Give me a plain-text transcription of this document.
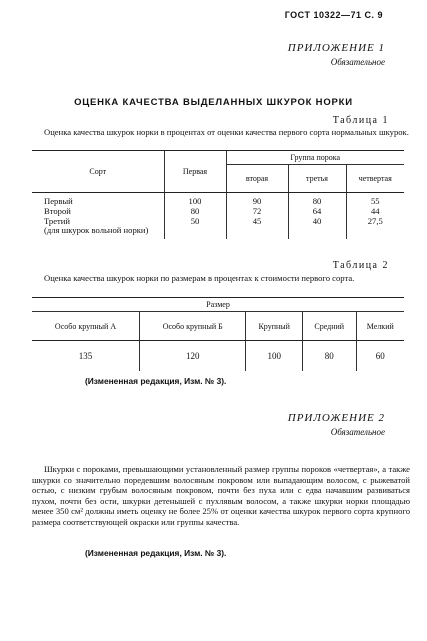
ГОСТ 10322—71 С. 9
ПРИЛОЖЕНИЕ 1
Обязательное
ОЦЕНКА КАЧЕСТВА ВЫДЕЛАННЫХ ШКУРОК НОРКИ
Таблица 1

Оценка качества шкурок норки в процентах от оценки качества первого сорта нормальных шкурок.

Сорт	Первая	Группа порока		
		вторая	третья	четвертая
Первый	100	90	80	55
Второй	80	72	64	44

Третий
(для шкурок вольной норки)	50	45	40	27,5
Таблица 2

Оценка качества шкурок норки по размерам в процентах к стоимости первого сорта.

Размер				
Особо крупный А	Особо крупный Б	Крупный	Средний	Мелкий
135	120	100	80	60
(Измененная редакция, Изм. № 3).
ПРИЛОЖЕНИЕ 2
Обязательное

Шкурки с пороками, превышающими установленный размер группы пороков «четвертая», а также шкурки со значительно поредевшим волосяным покровом или выпадающим волосом, с рыжеватой остью, с низким грубым волосяным покровом, почти без пуха или с едва начавшим развиваться пухом, почти без ости, шкурки детенышей с пухлявым волосом, а также шкурки норки площадью менее 350 см² должны иметь оценку не более 25% от оценки качества шкурок первого сорта крупного размера соответствующей окраски или группы качества.

(Измененная редакция, Изм. № 3).
